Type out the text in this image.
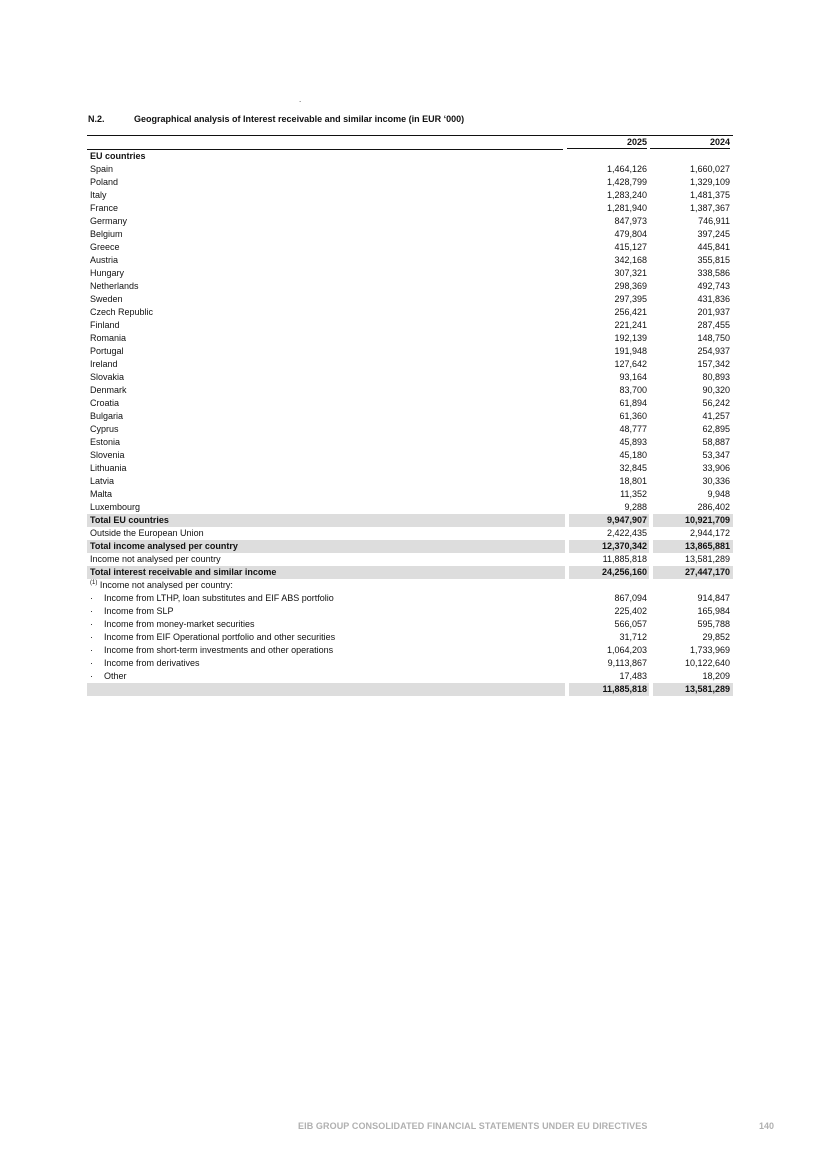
.
N.2.	Geographical analysis of Interest receivable and similar income (in EUR ‘000)
2025	2024
EU countries
Spain	1,464,126	1,660,027
Poland	1,428,799	1,329,109
Italy	1,283,240	1,481,375
France	1,281,940	1,387,367
Germany	847,973	746,911
Belgium	479,804	397,245
Greece	415,127	445,841
Austria	342,168	355,815
Hungary	307,321	338,586
Netherlands	298,369	492,743
Sweden	297,395	431,836
Czech Republic	256,421	201,937
Finland	221,241	287,455
Romania	192,139	148,750
Portugal	191,948	254,937
Ireland	127,642	157,342
Slovakia	93,164	80,893
Denmark	83,700	90,320
Croatia	61,894	56,242
Bulgaria	61,360	41,257
Cyprus	48,777	62,895
Estonia	45,893	58,887
Slovenia	45,180	53,347
Lithuania	32,845	33,906
Latvia	18,801	30,336
Malta	11,352	9,948
Luxembourg	9,288	286,402
Total EU countries	9,947,907	10,921,709
Outside the European Union	2,422,435	2,944,172
Total income analysed per country	12,370,342	13,865,881
Income not analysed per country	11,885,818	13,581,289
Total interest receivable and similar income	24,256,160	27,447,170
$^{(1)}$ Income not analysed per country:
· Income from LTHP, loan substitutes and EIF ABS portfolio	867,094	914,847
· Income from SLP	225,402	165,984
· Income from money-market securities	566,057	595,788
· Income from EIF Operational portfolio and other securities	31,712	29,852
· Income from short-term investments and other operations	1,064,203	1,733,969
· Income from derivatives	9,113,867	10,122,640
· Other	17,483	18,209
11,885,818	13,581,289
EIB GROUP CONSOLIDATED FINANCIAL STATEMENTS UNDER EU DIRECTIVES	140
